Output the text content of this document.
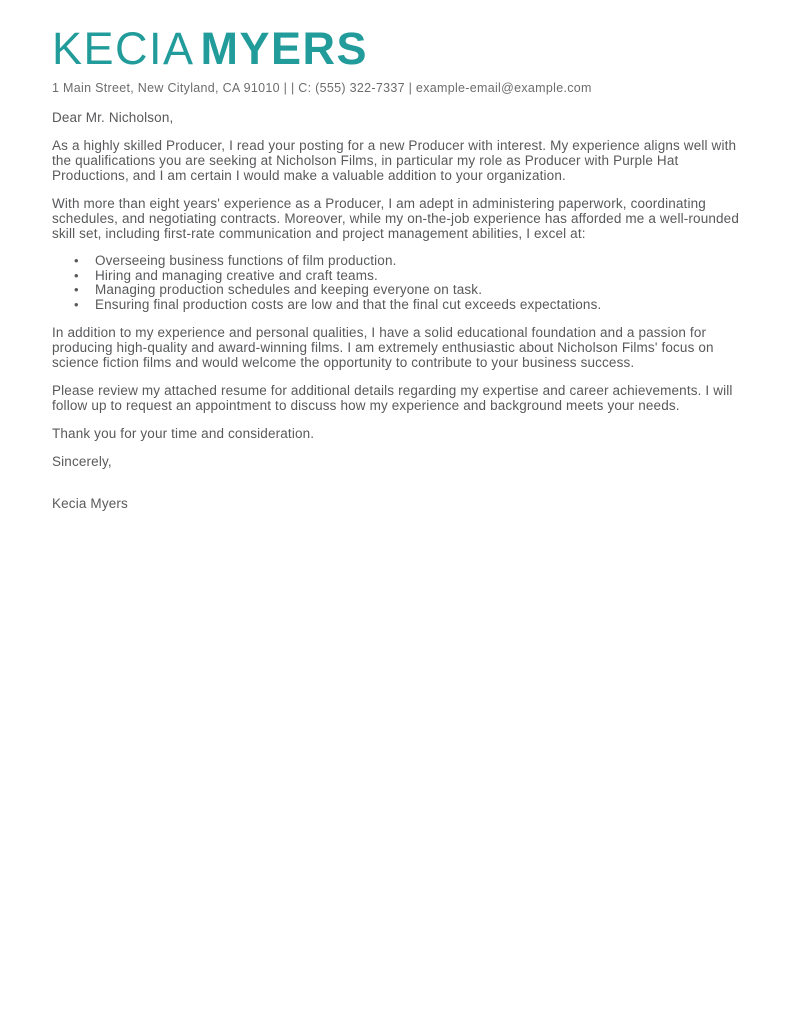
KECIA MYERS
1 Main Street, New Cityland, CA 91010 | | C: (555) 322-7337 | example-email@example.com

Dear Mr. Nicholson,

As a highly skilled Producer, I read your posting for a new Producer with interest. My experience aligns well with the qualifications you are seeking at Nicholson Films, in particular my role as Producer with Purple Hat Productions, and I am certain I would make a valuable addition to your organization.

With more than eight years' experience as a Producer, I am adept in administering paperwork, coordinating schedules, and negotiating contracts. Moreover, while my on-the-job experience has afforded me a well-rounded skill set, including first-rate communication and project management abilities, I excel at:

• Overseeing business functions of film production.
• Hiring and managing creative and craft teams.
• Managing production schedules and keeping everyone on task.
• Ensuring final production costs are low and that the final cut exceeds expectations.

In addition to my experience and personal qualities, I have a solid educational foundation and a passion for producing high-quality and award-winning films. I am extremely enthusiastic about Nicholson Films' focus on science fiction films and would welcome the opportunity to contribute to your business success.

Please review my attached resume for additional details regarding my expertise and career achievements. I will follow up to request an appointment to discuss how my experience and background meets your needs.

Thank you for your time and consideration.

Sincerely,

Kecia Myers
